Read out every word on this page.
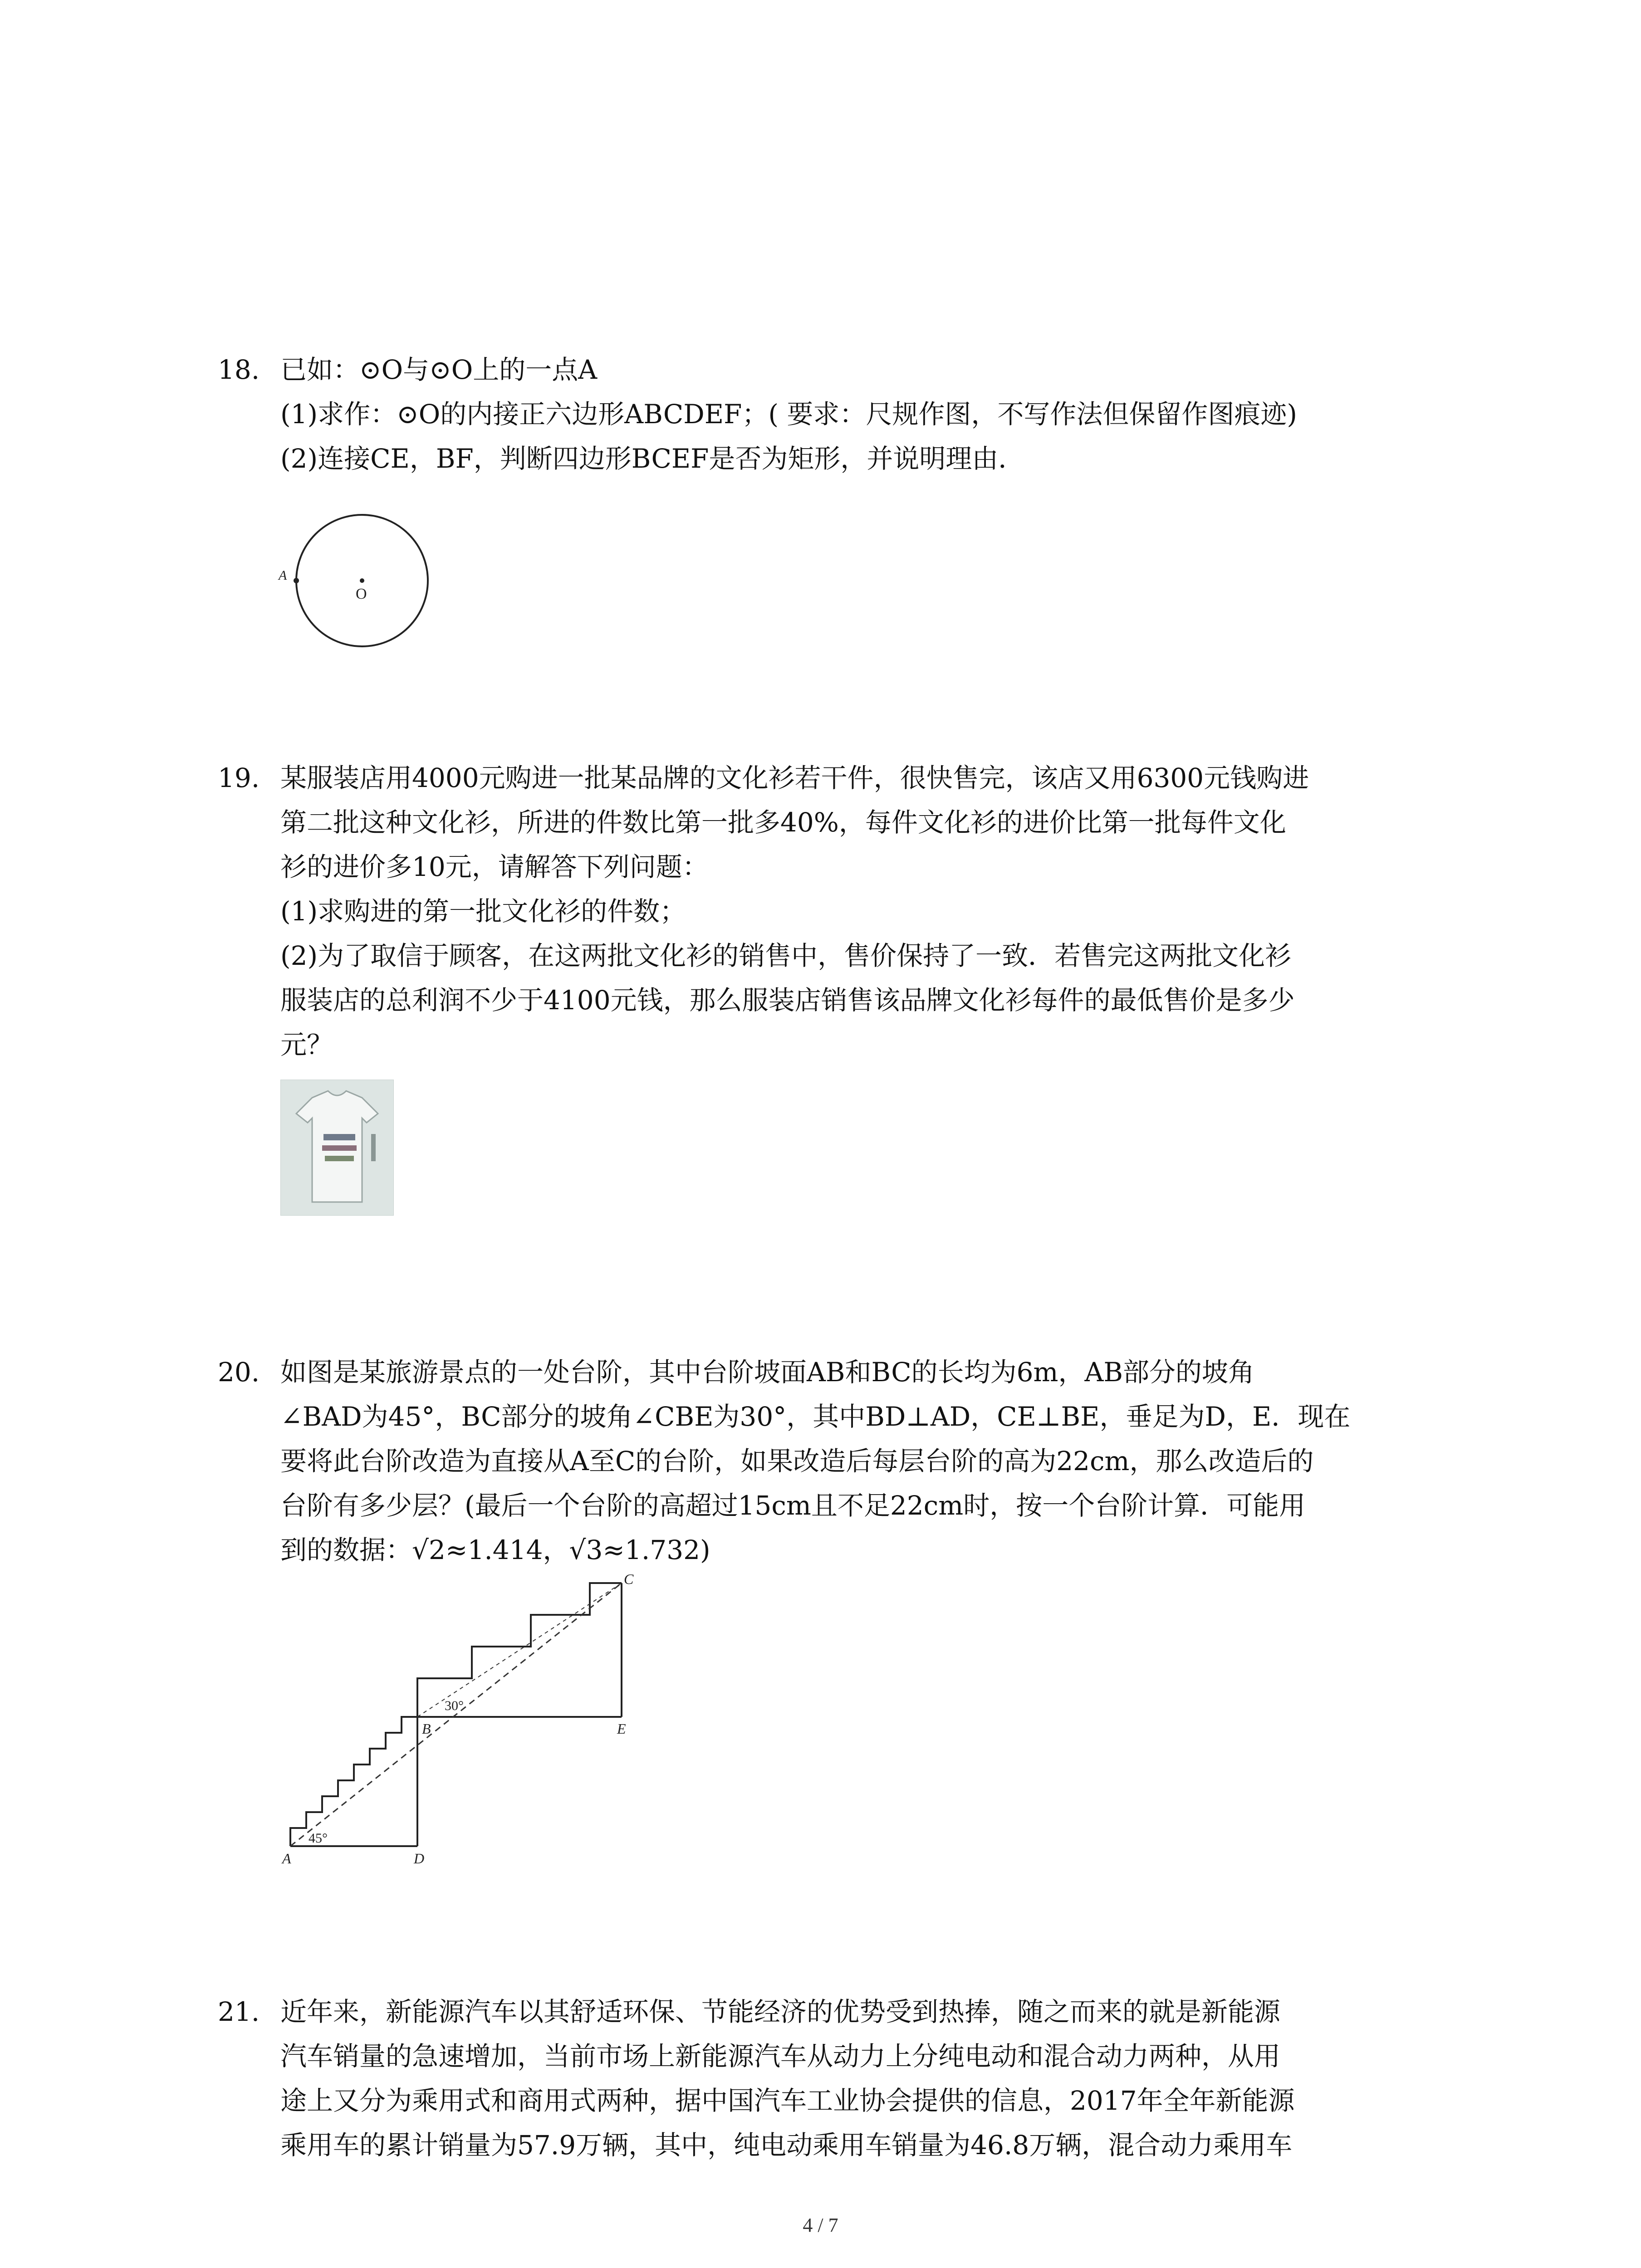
18. 已如：⊙O与⊙O上的一点A
(1)求作：⊙O的内接正六边形ABCDEF；( 要求：尺规作图，不写作法但保留作图痕迹)
(2)连接CE，BF，判断四边形BCEF是否为矩形，并说明理由．
A
O
19. 某服装店用4000元购进一批某品牌的文化衫若干件，很快售完，该店又用6300元钱购进
第二批这种文化衫，所进的件数比第一批多40%，每件文化衫的进价比第一批每件文化
衫的进价多10元，请解答下列问题：
(1)求购进的第一批文化衫的件数；
(2)为了取信于顾客，在这两批文化衫的销售中，售价保持了一致．若售完这两批文化衫
服装店的总利润不少于4100元钱，那么服装店销售该品牌文化衫每件的最低售价是多少
元？
20. 如图是某旅游景点的一处台阶，其中台阶坡面AB和BC的长均为6m，AB部分的坡角
∠BAD为45°，BC部分的坡角∠CBE为30°，其中BD⊥AD，CE⊥BE，垂足为D，E．现在
要将此台阶改造为直接从A至C的台阶，如果改造后每层台阶的高为22cm，那么改造后的
台阶有多少层？(最后一个台阶的高超过15cm且不足22cm时，按一个台阶计算．可能用
到的数据：√2≈1.414，√3≈1.732)
C
B	E
A	D
45°
30°
21. 近年来，新能源汽车以其舒适环保、节能经济的优势受到热捧，随之而来的就是新能源
汽车销量的急速增加，当前市场上新能源汽车从动力上分纯电动和混合动力两种，从用
途上又分为乘用式和商用式两种，据中国汽车工业协会提供的信息，2017年全年新能源
乘用车的累计销量为57.9万辆，其中，纯电动乘用车销量为46.8万辆，混合动力乘用车
4 / 7
